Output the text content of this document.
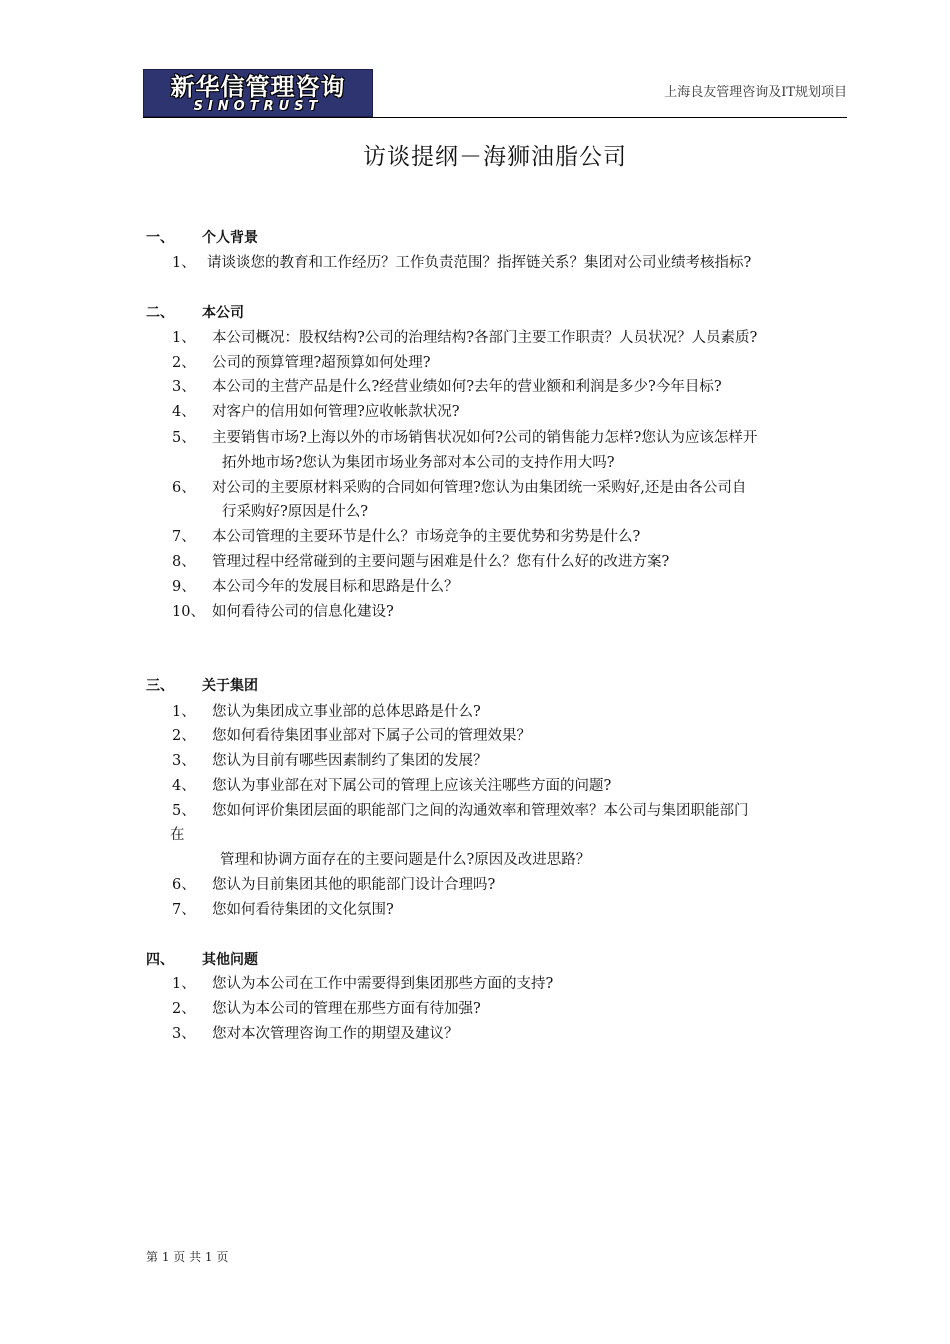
新华信管理咨询
SINOTRUST
上海良友管理咨询及IT规划项目
访谈提纲－海狮油脂公司
一、 个人背景
1、 请谈谈您的教育和工作经历？工作负责范围？指挥链关系？集团对公司业绩考核指标?
二、 本公司
1、 本公司概况：股权结构?公司的治理结构?各部门主要工作职责？人员状况？人员素质?
2、 公司的预算管理?超预算如何处理?
3、 本公司的主营产品是什么?经营业绩如何?去年的营业额和利润是多少?今年目标?
4、 对客户的信用如何管理?应收帐款状况?
5、 主要销售市场?上海以外的市场销售状况如何?公司的销售能力怎样?您认为应该怎样开
拓外地市场?您认为集团市场业务部对本公司的支持作用大吗?
6、 对公司的主要原材料采购的合同如何管理?您认为由集团统一采购好,还是由各公司自
行采购好?原因是什么?
7、 本公司管理的主要环节是什么？市场竞争的主要优势和劣势是什么?
8、 管理过程中经常碰到的主要问题与困难是什么？您有什么好的改进方案?
9、 本公司今年的发展目标和思路是什么？
10、 如何看待公司的信息化建设?
三、 关于集团
1、 您认为集团成立事业部的总体思路是什么?
2、 您如何看待集团事业部对下属子公司的管理效果？
3、 您认为目前有哪些因素制约了集团的发展？
4、 您认为事业部在对下属公司的管理上应该关注哪些方面的问题?
5、 您如何评价集团层面的职能部门之间的沟通效率和管理效率？本公司与集团职能部门
在
管理和协调方面存在的主要问题是什么?原因及改进思路？
6、 您认为目前集团其他的职能部门设计合理吗?
7、 您如何看待集团的文化氛围?
四、 其他问题
1、 您认为本公司在工作中需要得到集团那些方面的支持?
2、 您认为本公司的管理在那些方面有待加强?
3、 您对本次管理咨询工作的期望及建议？
第 1 页 共 1 页
